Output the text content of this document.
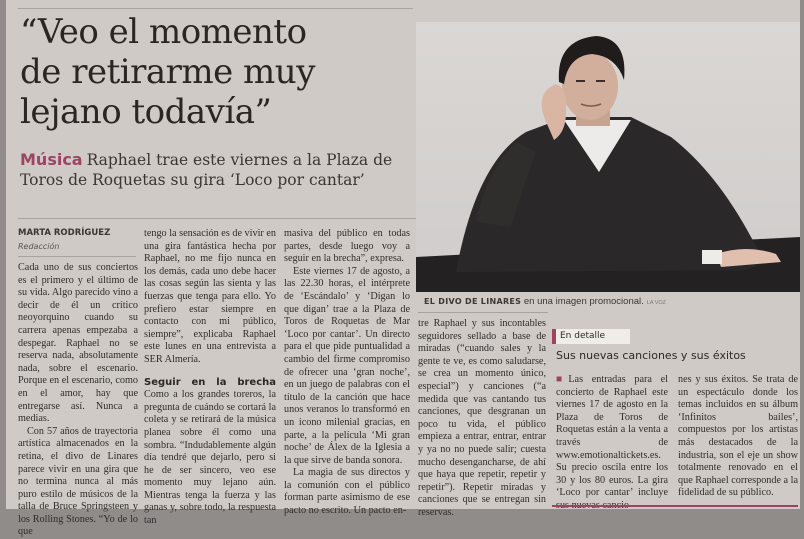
“Veo el momento
de retirarme muy
lejano todavía”
Música Raphael trae este viernes a la Plaza de Toros de Roquetas su gira ‘Loco por cantar’
MARTA RODRÍGUEZ
Redacción

Cada uno de sus conciertos es el primero y el último de su vida. Algo parecido vino a decir de él un crítico neoyorquino cuando su carrera apenas empezaba a despegar. Raphael no se reserva nada, absolutamente nada, sobre el escenario. Porque en el escenario, como en el amor, hay que entregarse así. Nunca a medias.

Con 57 años de trayectoria artística almacenados en la retina, el divo de Linares parece vivir en una gira que no termina nunca al más puro estilo de músicos de la talla de Bruce Springsteen y los Rolling Stones. “Yo de lo que

tengo la sensación es de vivir en una gira fantástica hecha por Raphael, no me fijo nunca en los demás, cada uno debe hacer las cosas según las sienta y las fuerzas que tenga para ello. Yo prefiero estar siempre en contacto con mi público, siempre”, explicaba Raphael este lunes en una entrevista a SER Almería.

Seguir en la brecha Como a los grandes toreros, la pregunta de cuándo se cortará la coleta y se retirará de la música planea sobre él como una sombra. “Indudablemente algún día tendré que dejarlo, pero si he de ser sincero, veo ese momento muy lejano aún. Mientras tenga la fuerza y las ganas y, sobre todo, la respuesta tan

masiva del público en todas partes, desde luego voy a seguir en la brecha”, expresa.

Este viernes 17 de agosto, a las 22.30 horas, el intérprete de ‘Escándalo’ y ‘Digan lo que digan’ trae a la Plaza de Toros de Roquetas de Mar ‘Loco por cantar’. Un directo para el que pide puntualidad a cambio del firme compromiso de ofrecer una ‘gran noche’, en un juego de palabras con el título de la canción que hace unos veranos lo transformó en un icono milenial gracias, en parte, a la película ‘Mi gran noche’ de Álex de la Iglesia a la que sirve de banda sonora.

La magia de sus directos y la comunión con el público forman parte asimismo de ese pacto no escrito. Un pacto en-

EL DIVO DE LINARES en una imagen promocional. LA VOZ

tre Raphael y sus incontables seguidores sellado a base de miradas (“cuando sales y la gente te ve, es como saludarse, se crea un momento único, especial”) y canciones (“a medida que vas cantando tus canciones, que desgranan un poco tu vida, el público empieza a entrar, entrar, entrar y ya no no puede salir; cuesta mucho desengancharse, de ahí que haya que repetir, repetir y repetir”). Repetir miradas y canciones que se entregan sin reservas.

En detalle
Sus nuevas canciones y sus éxitos

■Las entradas para el concierto de Raphael este viernes 17 de agosto en la Plaza de Toros de Roquetas están a la venta a través de www.emotionaltickets.es. Su precio oscila entre los 30 y los 80 euros. La gira ‘Loco por cantar’ incluye

nes y sus éxitos. Se trata de un espectáculo donde los temas incluidos en su álbum ‘Infinitos bailes’, compuestos por los artistas más destacados de la industria, son el eje un show totalmente renovado en el que Raphael corresponde a la fidelidad de su público.
